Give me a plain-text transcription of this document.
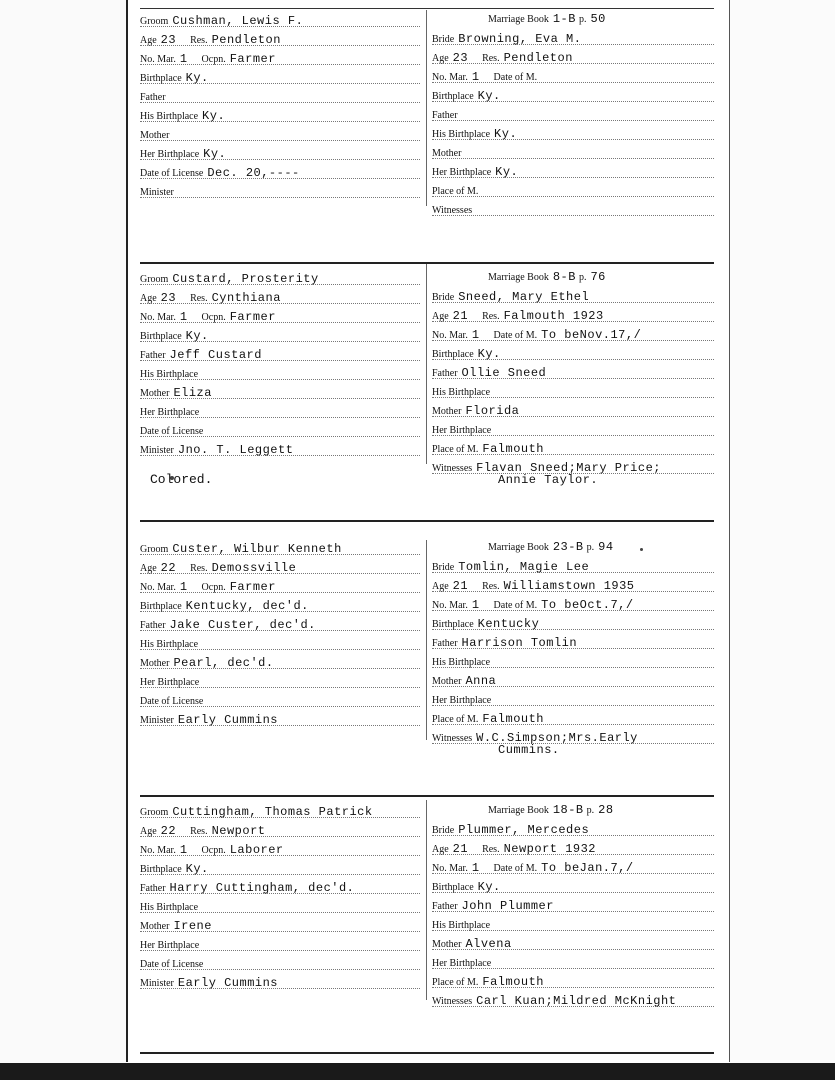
Groom Cushman, Lewis F.
Age 23 Res. Pendleton
No. Mar. 1 Ocpn. Farmer
Birthplace Ky.
Father
His Birthplace Ky.
Mother
Her Birthplace Ky.
Date of License Dec. 20,----
Minister
Marriage Book 1-B p. 50
Bride Browning, Eva M.
Age 23 Res. Pendleton
No. Mar. 1 Date of M.
Birthplace Ky.
Father
His Birthplace Ky.
Mother
Her Birthplace Ky.
Place of M.
Witnesses
Groom Custard, Prosterity
Age 23 Res. Cynthiana
No. Mar. 1 Ocpn. Farmer
Birthplace Ky.
Father Jeff Custard
His Birthplace
Mother Eliza
Her Birthplace
Date of License
Minister Jno. T. Leggett
Marriage Book 8-B p. 76
Bride Sneed, Mary Ethel
Age 21 Res. Falmouth 1923
No. Mar. 1 Date of M. To beNov.17,/
Birthplace Ky.
Father Ollie Sneed
His Birthplace
Mother Florida
Her Birthplace
Place of M. Falmouth
Witnesses Flavan Sneed;Mary Price;
Annie Taylor.
Colored.
Groom Custer, Wilbur Kenneth
Age 22 Res. Demossville
No. Mar. 1 Ocpn. Farmer
Birthplace Kentucky, dec'd.
Father Jake Custer, dec'd.
His Birthplace
Mother Pearl, dec'd.
Her Birthplace
Date of License
Minister Early Cummins
Marriage Book 23-B p. 94
Bride Tomlin, Magie Lee
Age 21 Res. Williamstown 1935
No. Mar. 1 Date of M. To beOct.7,/
Birthplace Kentucky
Father Harrison Tomlin
His Birthplace
Mother Anna
Her Birthplace
Place of M. Falmouth
Witnesses W.C.Simpson;Mrs.Early
Cummins.
Groom Cuttingham, Thomas Patrick
Age 22 Res. Newport
No. Mar. 1 Ocpn. Laborer
Birthplace Ky.
Father Harry Cuttingham, dec'd.
His Birthplace
Mother Irene
Her Birthplace
Date of License
Minister Early Cummins
Marriage Book 18-B p. 28
Bride Plummer, Mercedes
Age 21 Res. Newport 1932
No. Mar. 1 Date of M. To beJan.7,/
Birthplace Ky.
Father John Plummer
His Birthplace
Mother Alvena
Her Birthplace
Place of M. Falmouth
Witnesses Carl Kuan;Mildred McKnight
